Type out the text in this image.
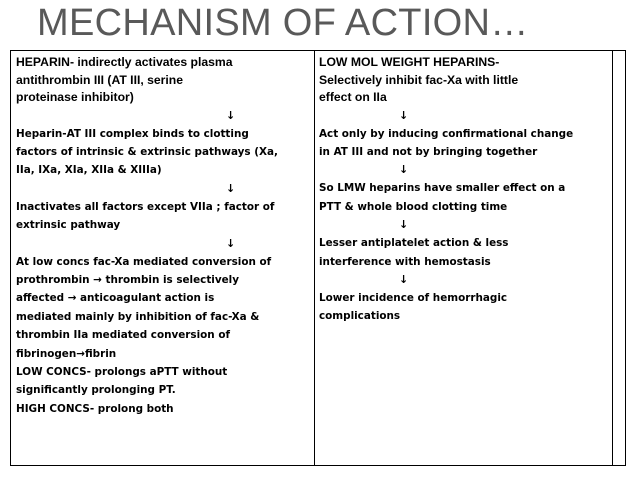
MECHANISM OF ACTION…
HEPARIN- indirectly activates plasma
antithrombin III (AT III, serine
proteinase inhibitor)
↓

Heparin-AT III complex binds to clotting
factors of intrinsic & extrinsic pathways (Xa,
IIa, IXa, XIa, XIIa & XIIIa)

↓

Inactivates all factors except VIIa ; factor of
extrinsic pathway

↓

At low concs fac-Xa mediated conversion of
prothrombin → thrombin is selectively
affected → anticoagulant action is
mediated mainly by inhibition of fac-Xa &
thrombin IIa mediated conversion of
fibrinogen→fibrin
LOW CONCS- prolongs aPTT without
significantly prolonging PT.
HIGH CONCS- prolong both

LOW MOL WEIGHT HEPARINS-
Selectively inhibit fac-Xa with little
effect on IIa
↓

Act only by inducing confirmational change
in AT III and not by bringing together

↓

So LMW heparins have smaller effect on a
PTT & whole blood clotting time

↓

Lesser antiplatelet action & less
interference with hemostasis

↓

Lower incidence of hemorrhagic
complications
